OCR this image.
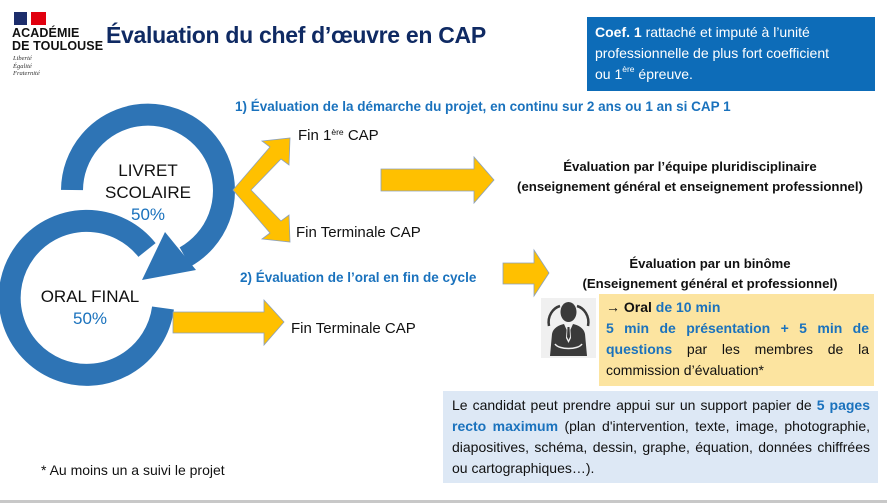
ACADÉMIE
DE TOULOUSE
Liberté
Égalité
Fraternité
Évaluation du chef d’œuvre en CAP	Coef. 1 rattaché et imputé à l’unité
professionnelle de plus fort coefficient
ou 1ère épreuve.
LIVRET
SCOLAIRE
50%
ORAL FINAL
50%
1) Évaluation de la démarche du projet, en continu sur 2 ans ou 1 an si CAP 1
Fin 1ère CAP
Fin Terminale CAP
Évaluation par l’équipe pluridisciplinaire
(enseignement général et enseignement professionnel)
2) Évaluation de l’oral en fin de cycle
Fin Terminale CAP
Évaluation par un binôme
(Enseignement général et professionnel)
→ Oral de 10 min
5 min de présentation + 5 min de questions par les membres de la commission d’évaluation*
Le candidat peut prendre appui sur un support papier de 5 pages recto maximum (plan d'intervention, texte, image, photographie, diapositives, schéma, dessin, graphe, équation, données chiffrées ou cartographiques…).
* Au moins un a suivi le projet
